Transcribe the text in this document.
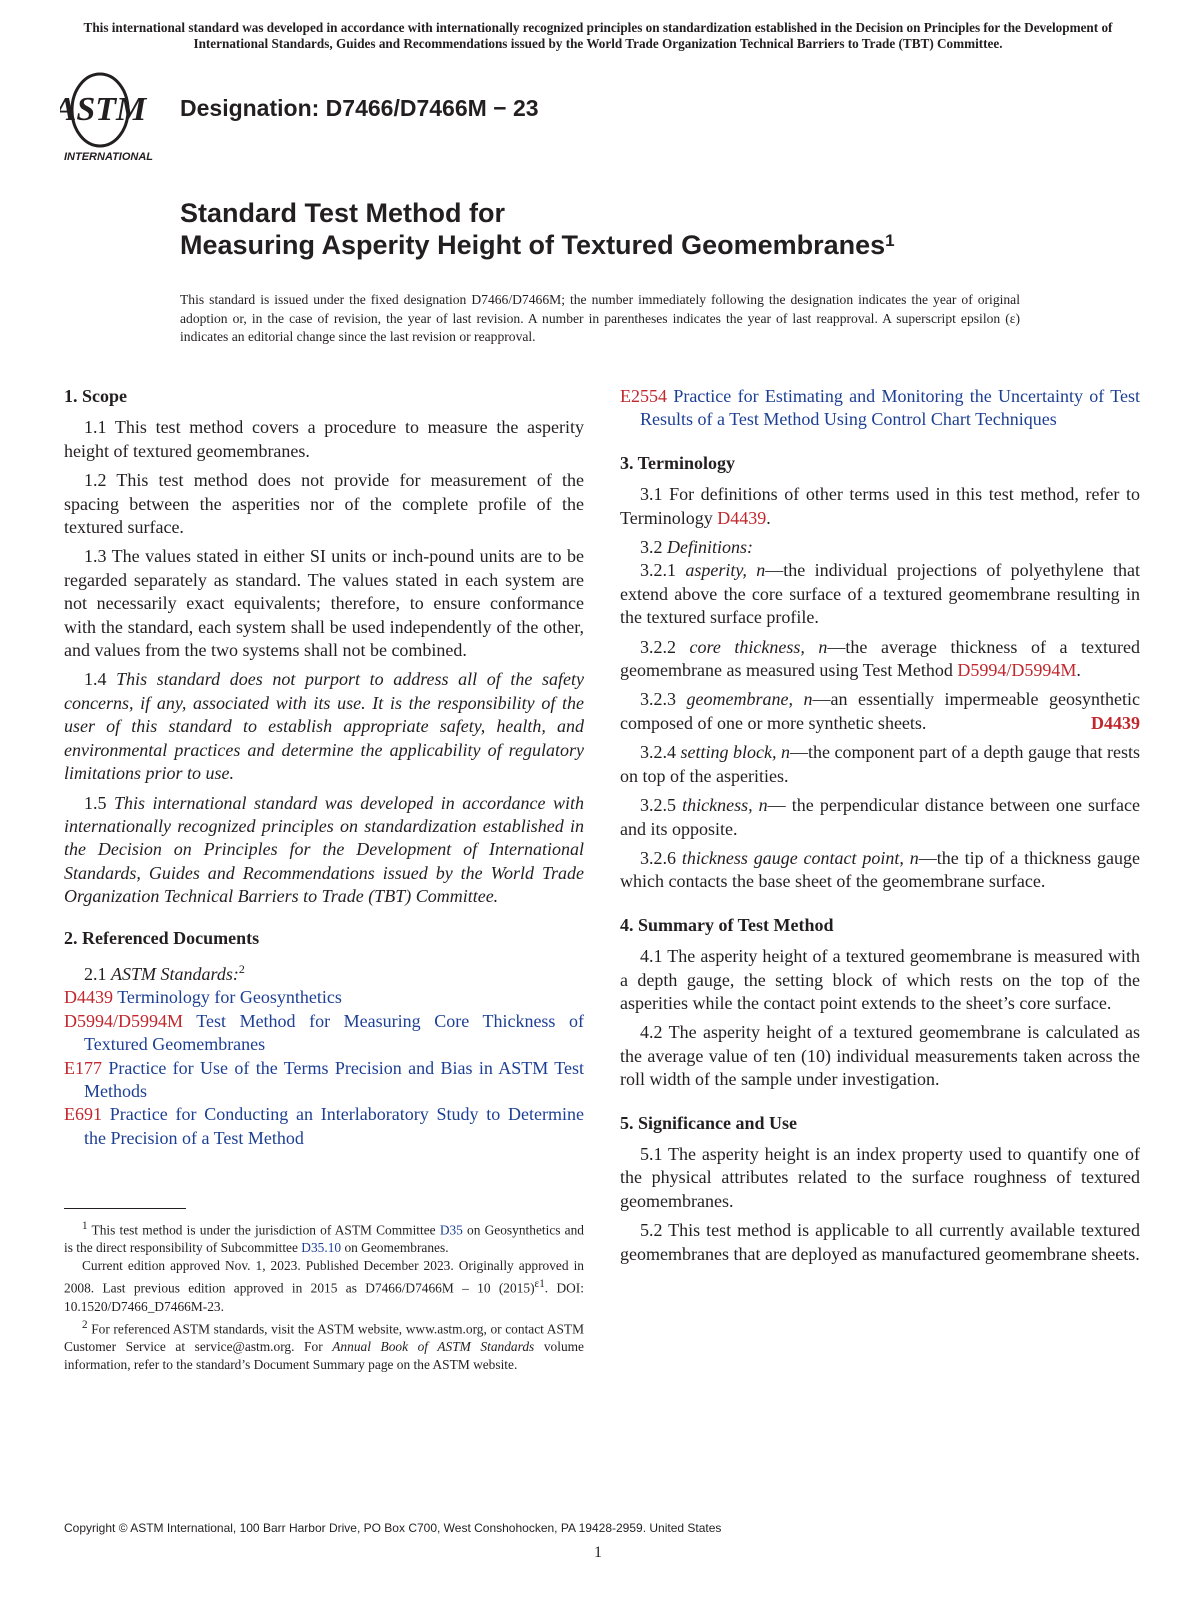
This international standard was developed in accordance with internationally recognized principles on standardization established in the Decision on Principles for the Development of International Standards, Guides and Recommendations issued by the World Trade Organization Technical Barriers to Trade (TBT) Committee.
ASTM
INTERNATIONAL
Designation: D7466/D7466M − 23
Standard Test Method for
Measuring Asperity Height of Textured Geomembranes$^1$
This standard is issued under the fixed designation D7466/D7466M; the number immediately following the designation indicates the year of original adoption or, in the case of revision, the year of last revision. A number in parentheses indicates the year of last reapproval. A superscript epsilon (ε) indicates an editorial change since the last revision or reapproval.
1. Scope

1.1 This test method covers a procedure to measure the asperity height of textured geomembranes.

1.2 This test method does not provide for measurement of the spacing between the asperities nor of the complete profile of the textured surface.

1.3 The values stated in either SI units or inch-pound units are to be regarded separately as standard. The values stated in each system are not necessarily exact equivalents; therefore, to ensure conformance with the standard, each system shall be used independently of the other, and values from the two systems shall not be combined.

1.4 This standard does not purport to address all of the safety concerns, if any, associated with its use. It is the responsibility of the user of this standard to establish appropriate safety, health, and environmental practices and determine the applicability of regulatory limitations prior to use.

1.5 This international standard was developed in accordance with internationally recognized principles on standardization established in the Decision on Principles for the Development of International Standards, Guides and Recommendations issued by the World Trade Organization Technical Barriers to Trade (TBT) Committee.

2. Referenced Documents

2.1 ASTM Standards:$^2$

D4439 Terminology for Geosynthetics
D5994/D5994M Test Method for Measuring Core Thickness of Textured Geomembranes
E177 Practice for Use of the Terms Precision and Bias in ASTM Test Methods
E691 Practice for Conducting an Interlaboratory Study to Determine the Precision of a Test Method
E2554 Practice for Estimating and Monitoring the Uncertainty of Test Results of a Test Method Using Control Chart Techniques
3. Terminology

3.1 For definitions of other terms used in this test method, refer to Terminology D4439.

3.2 Definitions:

3.2.1 asperity, n—the individual projections of polyethylene that extend above the core surface of a textured geomembrane resulting in the textured surface profile.

3.2.2 core thickness, n—the average thickness of a textured geomembrane as measured using Test Method D5994/D5994M.

3.2.3 geomembrane, n—an essentially impermeable geosynthetic composed of one or more synthetic sheets.	D4439

3.2.4 setting block, n—the component part of a depth gauge that rests on top of the asperities.

3.2.5 thickness, n— the perpendicular distance between one surface and its opposite.

3.2.6 thickness gauge contact point, n—the tip of a thickness gauge which contacts the base sheet of the geomembrane surface.

4. Summary of Test Method

4.1 The asperity height of a textured geomembrane is measured with a depth gauge, the setting block of which rests on the top of the asperities while the contact point extends to the sheet’s core surface.

4.2 The asperity height of a textured geomembrane is calculated as the average value of ten (10) individual measurements taken across the roll width of the sample under investigation.

5. Significance and Use

5.1 The asperity height is an index property used to quantify one of the physical attributes related to the surface roughness of textured geomembranes.

5.2 This test method is applicable to all currently available textured geomembranes that are deployed as manufactured geomembrane sheets.

$^1$ This test method is under the jurisdiction of ASTM Committee D35 on Geosynthetics and is the direct responsibility of Subcommittee D35.10 on Geomembranes.

Current edition approved Nov. 1, 2023. Published December 2023. Originally approved in 2008. Last previous edition approved in 2015 as D7466/D7466M – 10 $(2015)^{\varepsilon 1}$. DOI: 10.1520/D7466_D7466M-23.

$^2$ For referenced ASTM standards, visit the ASTM website, www.astm.org, or contact ASTM Customer Service at service@astm.org. For Annual Book of ASTM Standards volume information, refer to the standard’s Document Summary page on the ASTM website.

Copyright © ASTM International, 100 Barr Harbor Drive, PO Box C700, West Conshohocken, PA 19428-2959. United States
1
